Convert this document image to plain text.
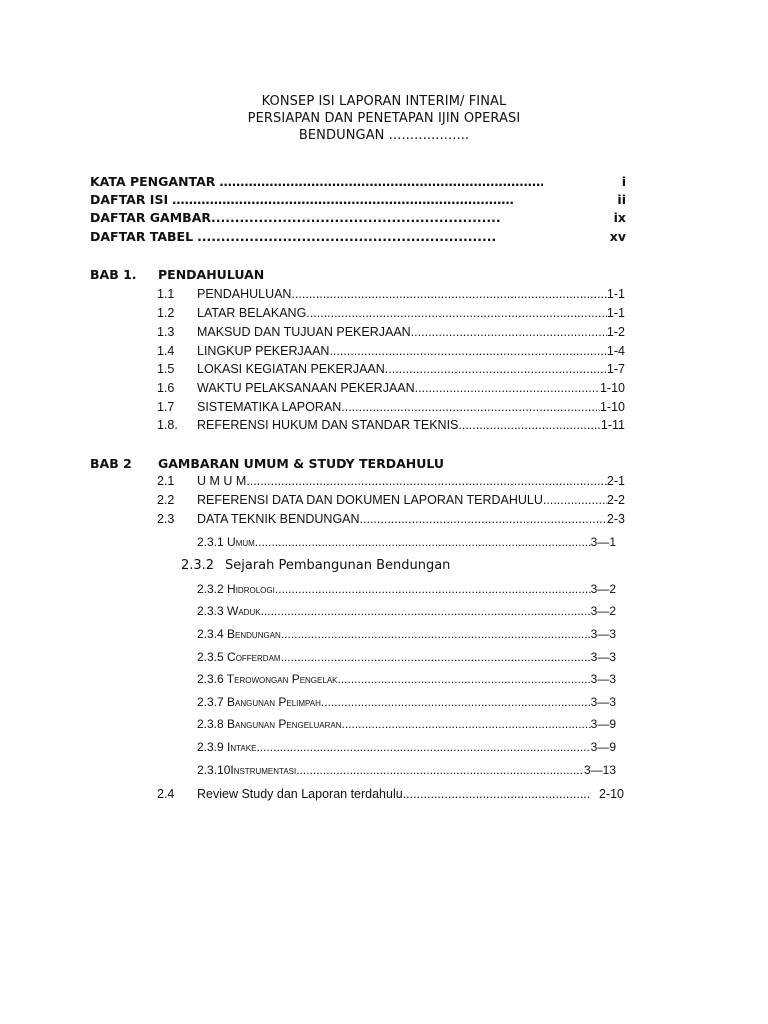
KONSEP ISI LAPORAN INTERIM/ FINAL
PERSIAPAN DAN PENETAPAN IJIN OPERASI
BENDUNGAN ...................
KATA PENGANTAR ………………………………………………………………………………………………………………………………………………………………………………	i
DAFTAR ISI ………………………………………………………………………………………………………………………………………………………………………………	ii
DAFTAR GAMBAR .....	ix
DAFTAR TABEL .....	xv
BAB 1. PENDAHULUAN
1.1 PENDAHULUAN .....	1-1
1.2 LATAR BELAKANG .....	1-1
1.3 MAKSUD DAN TUJUAN PEKERJAAN .....	1-2
1.4 LINGKUP PEKERJAAN .....	1-4
1.5 LOKASI KEGIATAN PEKERJAAN .....	1-7
1.6 WAKTU PELAKSANAAN PEKERJAAN .....	1-10
1.7 SISTEMATIKA LAPORAN .....	1-10
1.8. REFERENSI HUKUM DAN STANDAR TEKNIS .....	1-11
BAB 2 GAMBARAN UMUM & STUDY TERDAHULU
2.1 U M U M .....	2-1
2.2 REFERENSI DATA DAN DOKUMEN LAPORAN TERDAHULU .....	2-2
2.3 DATA TEKNIK BENDUNGAN .....	2-3
2.3.1 Umum .....	3—1
2.3.2 Sejarah Pembangunan Bendungan
2.3.2 Hidrologi .....	3—2
2.3.3 Waduk .....	3—2
2.3.4 Bendungan .....	3—3
2.3.5 Cofferdam .....	3—3
2.3.6 Terowongan Pengelak .....	3—3
2.3.7 Bangunan Pelimpah .....	3—3
2.3.8 Bangunan Pengeluaran .....	3—9
2.3.9 Intake .....	3—9
2.3.10Instrumentasi .....	3—13
2.4 Review Study dan Laporan terdahulu .....	2-10
